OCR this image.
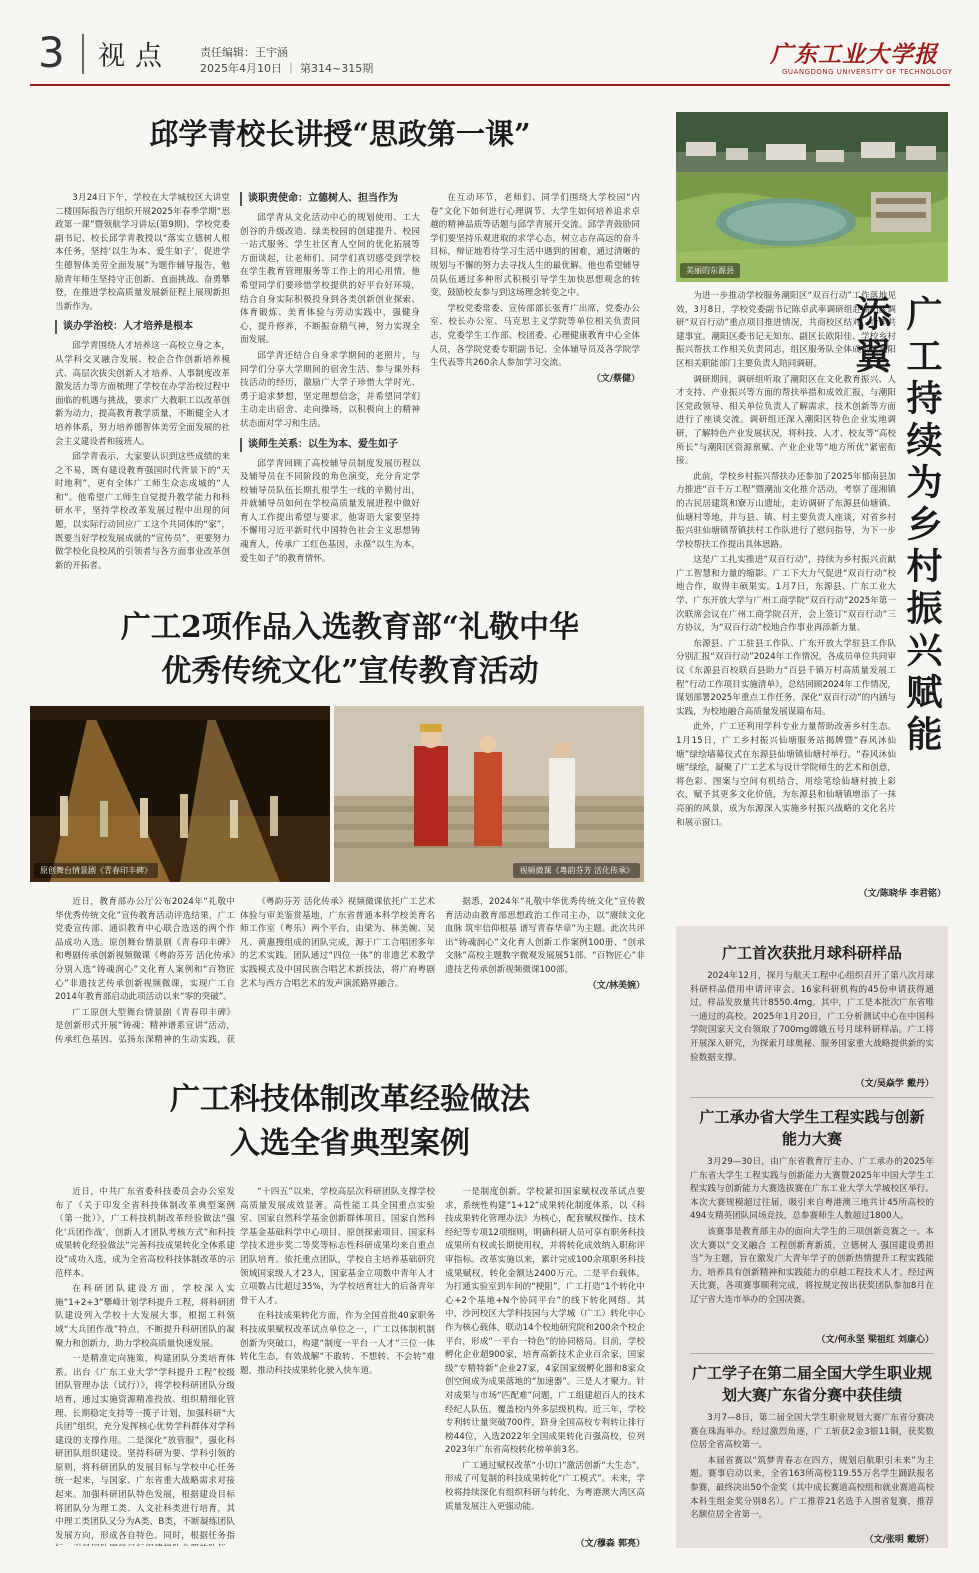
3 视点	责任编辑：王宇涵
2025年4月10日 ｜ 第314~315期
广东工业大学报
GUANGDONG UNIVERSITY OF TECHNOLOGY
邱学青校长讲授“思政第一课”

3月24日下午，学校在大学城校区大讲堂二楼国际报告厅组织开展2025年春季学期“思政第一课”暨领航学习讲坛(第9期)。学校党委副书记、校长邱学青教授以“落实立德树人根本任务，坚持‘以生为本、爱生如子’，促进学生德智体美劳全面发展”为题作辅导报告，勉励青年师生坚持守正创新、直面挑战、奋勇攀登，在推进学校高质量发展新征程上展现新担当新作为。

谈办学治校：人才培养是根本

邱学青围绕人才培养这一高校立身之本，从学科交叉融合发展、校企合作创新培养模式、高层次拔尖创新人才培养、人事制度改革激发活力等方面梳理了学校在办学治校过程中面临的机遇与挑战，要求广大教职工以改革创新为动力，提高教育教学质量，不断健全人才培养体系，努力培养德智体美劳全面发展的社会主义建设者和接班人。

邱学青表示，大家要认识到这些成绩的来之不易，既有建设教育强国时代背景下的“天时地利”，更有全体广工师生众志成城的“人和”。他希望广工师生自觉提升教学能力和科研水平，坚持学校改革发展过程中出现的问题，以实际行动回应广工这个共同体的“家”，既要当好学校发展成就的“宣传员”，更要努力做学校化良校风的引领者与各方面事业改革创新的开拓者。

谈职责使命：立德树人、担当作为

邱学青从文化活动中心的规划使用、工大创谷的升级改造、绿美校园的创建提升、校园一站式服务、学生社区育人空间的优化拓展等方面谈起，让老师们、同学们真切感受到学校在学生教育管理服务等工作上的用心用情。他希望同学们要珍惜学校提供的好平台好环境，结合自身实际积极投身到各类创新创业探索、体育锻炼、美育体验与劳动实践中，强健身心，提升修养，不断振奋精气神，努力实现全面发展。

邱学青还结合自身求学期间的老照片，与同学们分享大学期间的宿舍生活、参与课外科技活动的经历，激励广大学子珍惜大学时光、勇于追求梦想，坚定理想信念，并希望同学们主动走出宿舍、走向操场，以积极向上的精神状态面对学习和生活。

谈师生关系：以生为本、爱生如子

邱学青回顾了高校辅导员制度发展历程以及辅导员在不同阶段的角色演变，充分肯定学校辅导员队伍长期扎根学生一线的辛勤付出，并就辅导员如何在学校高质量发展进程中做好育人工作提出希望与要求。他寄语大家要坚持不懈用习近平新时代中国特色社会主义思想铸魂育人，传承广工红色基因，永葆“以生为本，爱生如子”的教育情怀。

在互动环节，老师们、同学们围绕大学校园“内卷”文化下如何进行心理调节、大学生如何培养追求卓越的精神品质等话题与邱学青展开交流。邱学青鼓励同学们要坚持乐观进取的求学心态，树立志存高远的奋斗目标，辩证地看待学习生活中遇到的困难，通过清晰的规划与不懈的努力去寻找人生的最优解。他也希望辅导员队伍通过多种形式积极引导学生加快思想观念的转变，鼓励校友参与到这场理念转变之中。

学校党委常委、宣传部部长张育广出席，党委办公室、校长办公室、马克思主义学院等单位相关负责同志，党委学生工作部、校团委、心理健康教育中心全体人员，各学院党委专职副书记、全体辅导员及各学院学生代表等共260余人参加学习交流。

（文/蔡健）
美丽的东源县

为进一步推动学校服务潮阳区“双百行动”工作落地见效，3月8日，学校党委副书记陈卓武率调研组赴潮阳区调研“双百行动”重点项目推进情况，共商校区结对、合作共建事宜。潮阳区委书记无知东、副区长欧阳佳、学校乡村振兴帮扶工作相关负责同志，组区服务队全体成员及潮阳区相关职能部门主要负责人陪同调研。

调研期间，调研组听取了潮阳区在文化教育振兴、人才支持、产业振兴等方面的帮扶举措和成效汇报，与潮阳区党政领导、相关单位负责人了解需求，技术创新等方面进行了座谈交流。调研组还深入潮阳区特色企业实地调研，了解特色产业发展状况，将科技、人才、校友等“高校所长”与潮阳区资源禀赋、产业企业等“地方所优”紧密衔接。

此前，学校乡村振兴帮扶办还参加了2025年郁南县加力推进“百千万工程”暨潮汕文化推介活动，考察了莲湘镇的古民居建筑和寮万山遗址，走访调研了东源县仙塘镇、仙塘村等地，并与县、镇、村主要负责人座谈，对省乡村振兴驻仙塘镇帮镇扶村工作队进行了慰问指导，为下一步学校帮扶工作提出具体思路。

这是广工扎实推进“双百行动”，持续为乡村振兴贡献广工智慧和力量的缩影。广工下大力气促进“双百行动”校地合作，取得丰硕果实。1月7日，东源县、广东工业大学、广东开放大学与广州工商学院“双百行动”2025年第一次联席会议在广州工商学院召开，会上签订“双百行动”三方协议，为“双百行动”校地合作事业再添新力量。

东源县、广工驻县工作队、广东开放大学驻县工作队分别汇报“双百行动”2024年工作情况，各成员单位共同审议《东源县百校联百县助力“百县千镇万村高质量发展工程”行动工作项目实施清单》，总结回顾2024年工作情况，谋划部署2025年重点工作任务，深化“双百行动”的内涵与实践，为校地融合高质量发展谋篇布局。

此外，广工还利用学科专业力量帮助改善乡村生态。1月15日，广工乡村振兴仙塘服务站揭牌暨“春风沐仙塘”绿绘墙幕仪式在东源县仙塘镇仙塘村举行。“春风沐仙塘”绿绘，凝聚了广工艺术与设计学院师生的艺术和创意，将色彩、图案与空间有机结合，用绘笔绘仙塘村披上彩衣，赋予其更多文化价值，为东源县和仙塘镇增添了一抹亮丽的风景，成为东源深入实施乡村振兴战略的文化名片和展示窗口。

广工持续为乡村振兴赋能添翼
（文/陈晓华 李君铭）
广工2项作品入选教育部“礼敬中华
优秀传统文化”宣传教育活动
原创舞台情景剧《青春印丰碑》	视频微课《粤韵芬芳 活化传承》

近日，教育部办公厅公布2024年“礼敬中华优秀传统文化”宣传教育活动评选结果，广工党委宣传部、通识教育中心联合选送的两个作品成功入选。原创舞台情景剧《青春印丰碑》和粤剧传承创新视频微课《粤韵芬芳 活化传承》分别入选“铸魂润心”文化育人案例和“百物匠心”非遗技艺传承创新视频微课，实现广工自2014年教育部启动此项活动以来“零的突破”。

广工原创大型舞台情景剧《青春印丰碑》是创新形式开展“铸魂：精神谱系宣讲”活动，传承红色基因、弘扬东深精神的生动实践，获

《粤韵芬芳 活化传承》视频微课依托广工艺术体验与审美鉴赏基地，广东省普通本科学校美育名师工作室（粤乐）两个平台，由梁为、林美婉、吴凡、黄惠搜组成的团队完成，源于广工合唱团多年的艺术实践。团队通过“四位一体”的非遗艺术教学实践模式及中国民族合唱艺术新技法，将广府粤剧艺术与西方合唱艺术的发声演派路界融合。

据悉，2024年“礼敬中华优秀传统文化”宣传教育活动由教育部思想政治工作司主办，以“赓续文化血脉 筑牢信仰根基 谱写青春华章”为主题。此次共评出“铸魂润心”文化育人创新工作案例100册、“创承文脉”高校主题数字微观发展展51部、“百物匠心”非遗技艺传承创新视频微课100部。

（文/林美婉）
广工首次获批月球科研样品

2024年12月，探月与航天工程中心组织召开了第八次月球科研样品借用申请评审会。16家科研机构的45份申请获得通过，样品发放量共计8550.4mg。其中，广工是本批次广东省唯一通过的高校。2025年1月20日，广工分析测试中心在中国科学院国家天文台领取了700mg嫦娥五号月球科研样品。广工将开展深入研究，为探索月球奥秘、服务国家重大战略提供新的实验数据支撑。

（文/吴焱学 戴丹）
广工承办省大学生工程实践与创新能力大赛

3月29—30日，由广东省教育厅主办、广工承办的2025年广东省大学生工程实践与创新能力大赛暨2025年中国大学生工程实践与创新能力大赛选拔赛在广东工业大学大学城校区举行。本次大赛规模超过往届，吸引来自粤港澳三地共计45所高校的494支精英团队同场竞技，总参赛师生人数超过1800人。

该赛事是教育部主办的面向大学生的三项创新竞赛之一。本次大赛以“交叉融合 工程创新育新质，立德树人 强国建设勇担当”为主题，旨在激发广大青年学子的创新热情提升工程实践能力，培养具有创新精神和实践能力的卓越工程技术人才。经过两天比赛，各项赛事顺利完成，将按规定按出获奖团队参加8月在辽宁省大连市举办的全国决赛。

（文/何永坚 梁祖红 刘康心）
广工学子在第二届全国大学生职业规划大赛广东省分赛中获佳绩

3月7—8日，第二届全国大学生职业规划大赛广东省分赛决赛在珠海举办。经过激烈角逐，广工斩获2金3银11铜，获奖数位居全省高校第一。

本届省赛以“筑梦青春志在四方，规划启航职引未来”为主题。赛事启动以来，全省163所高校119.55万名学生踊跃报名参赛，最终决出50个金奖（其中成长赛道高校组和就业赛道高校本科生组金奖分别8名）。广工推荐21名选手入围省复赛，推荐名额位居全省第一。

（文/张明 戴妍）
广工科技体制改革经验做法
入选全省典型案例

近日，中共广东省委科技委员会办公室发布了《关于印发全省科技体制改革典型案例（第一批）》，广工科技机制改革经验做法“强化‘兵团作战’，创新人才团队考核方式”和科技成果转化经验做法“完善科技成果转化全体系建设”成功入选，成为全省高校科技体制改革的示范样本。

在科研团队建设方面，学校深入实施“1+2+3”攀峰计划学科提升工程，将科研团队建设列入学校十大发展大事，根据工科领域“大兵团作战”特点，不断提升科研团队的凝聚力和创新力，助力学校高质量快速发展。

一是精准定向施策，构建团队分类培育体系。出台《广东工业大学“学科提升工程”校级团队管理办法（试行）》，将学校科研团队分级培育，通过实施资源精准投放、组织精细化管理、长期稳定支持等一揽子计划，加强科研“大兵团”组织，充分发挥核心优势学科群体对学科建设的支撑作用。二是深化“放管服”，强化科研团队组织建设。坚持科研为要、学科引领的原则，将科研团队的发展目标与学校中心任务统一起来，与国家、广东省重大战略需求对接起来。加强科研团队特色发展，根据建设目标将团队分为理工类、人文社科类进行培育，其中理工类团队又分为A类、B类，不断凝练团队发展方向，形成各自特色。同时，根据任务指

“十四五”以来，学校高层次科研团队支撑学校高质量发展成效显著。高性能工具全国重点实验室、国家自然科学基金创新群体项目、国家自然科学基金基础科学中心项目、原创探索项目、国家科学技术进步奖二等奖等标志性科研成果均来自重点团队培育。依托重点团队，学校自主培养基础研究领域国家级人才23人，国家基金立项数中青年人才立项数占比超过35%，为学校培育壮大的后备青年骨干人才。

在科技成果转化方面，作为全国首批40家职务科技成果赋权改革试点单位之一，广工以体制机制创新为突破口，构建“制度一平台一人才”三位一体转化生态，有效战解“不敢转、不想转、不会转”难题，推动科技成果转化驶入快车道。

一是制度创新。学校紧扣国家赋权改革试点要求，系统性构建“1+12”成果转化制度体系，以《科技成果转化管理办法》为核心，配套赋权操作、技术经纪等专项12项细则，明确科研人员可享有职务科技成果所有权或长期使用权，并将转化成效纳入职称评审指标。改革实施以来，累计完成100余项职务科技成果赋权，转化金额达2400万元。二是平台载体。为打通实验室到车间的“梗阻”，广工打造“1个转化中心+2个基地+N个协同平台”的线下转化网络。其中，沙河校区大学科技园与大学城（广工）转化中心作为核心载体，联动14个校地研究院和200余个校企平台，形成“一平台一特色”的协同格局。目前，学校孵化企业超900家，培育高新技术企业百余家，国家级“专精特新”企业27家，4家国家级孵化器和8家众创空间成为成果落地的“加速器”。三是人才聚力。针对成果与市场“匹配难”问题，广工组建超百人的技术经纪人队伍，覆盖校内外多层级机构。近三年，学校专利转让量突破700件，跻身全国高校专利转让排行榜44位，入选2022年全国成果转化百强高校，位列2023年广东省高校转化榜单前3名。

广工通过赋权改革“小切口”激活创新“大生态”，形成了可复制的科技成果转化“广工模式”。未来，学校将持续深化有组织科研与转化，为粤港澳大湾区高质量发展注入更强动能。

（文/穆森 郭亮）
